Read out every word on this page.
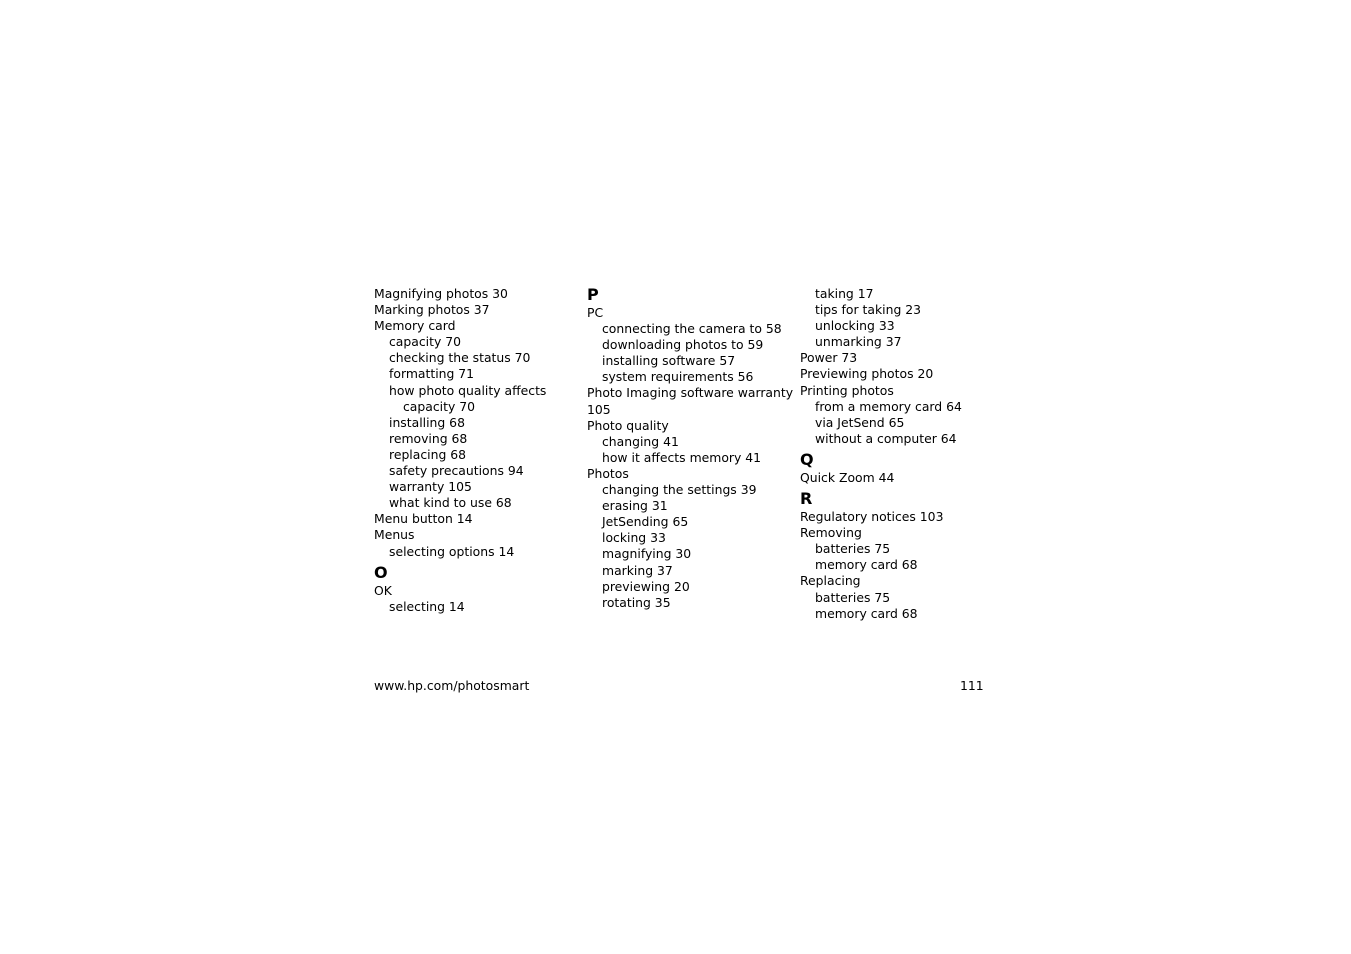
Magnifying photos 30
Marking photos 37
Memory card
capacity 70
checking the status 70
formatting 71
how photo quality affects
capacity 70
installing 68
removing 68
replacing 68
safety precautions 94
warranty 105
what kind to use 68
Menu button 14
Menus
selecting options 14
O
OK
selecting 14
P
PC
connecting the camera to 58
downloading photos to 59
installing software 57
system requirements 56
Photo Imaging software warranty
105
Photo quality
changing 41
how it affects memory 41
Photos
changing the settings 39
erasing 31
JetSending 65
locking 33
magnifying 30
marking 37
previewing 20
rotating 35
taking 17
tips for taking 23
unlocking 33
unmarking 37
Power 73
Previewing photos 20
Printing photos
from a memory card 64
via JetSend 65
without a computer 64
Q
Quick Zoom 44
R
Regulatory notices 103
Removing
batteries 75
memory card 68
Replacing
batteries 75
memory card 68
www.hp.com/photosmart	111
